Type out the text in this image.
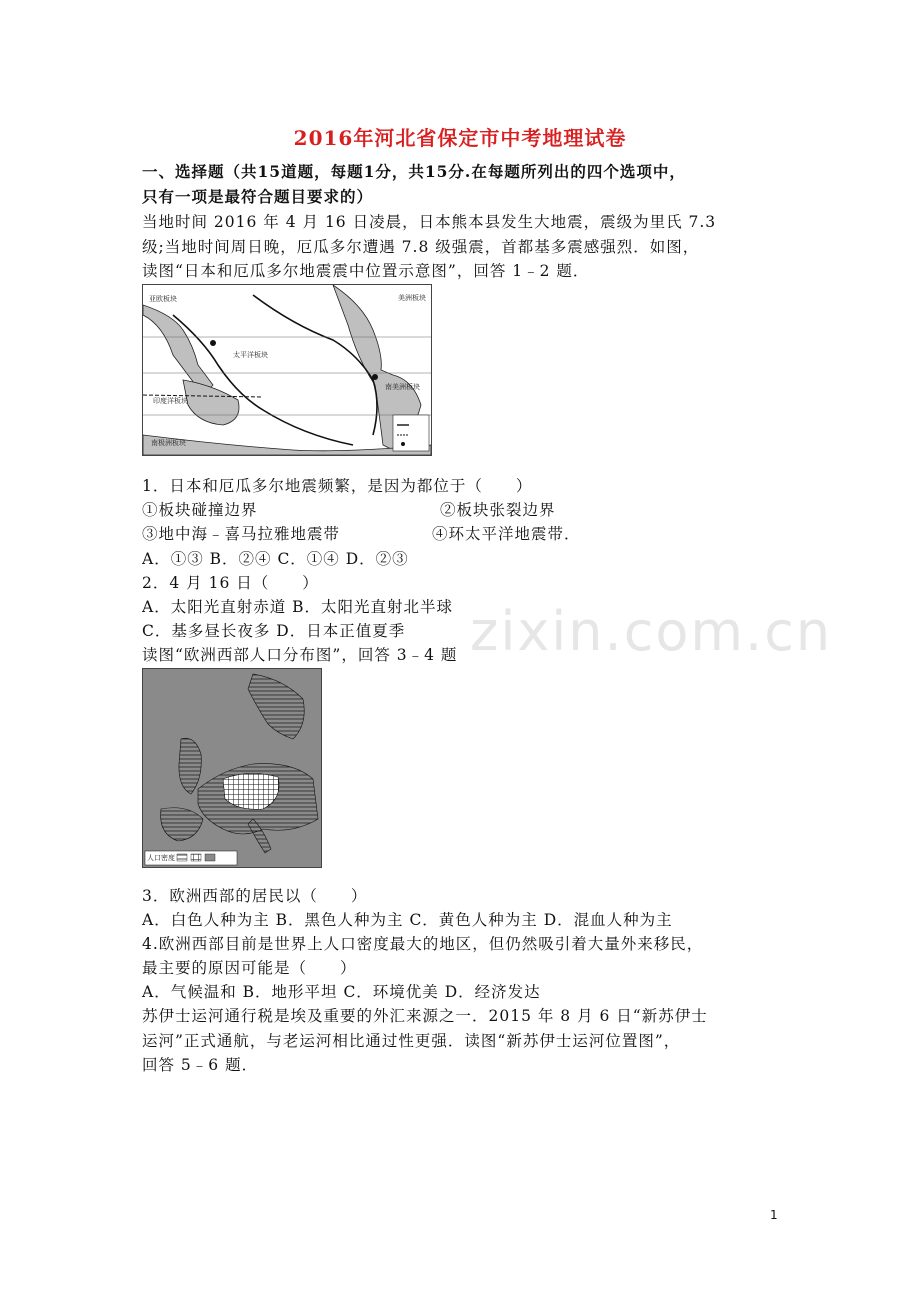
2016年河北省保定市中考地理试卷
一、选择题（共15道题，每题1分，共15分.在每题所列出的四个选项中，
只有一项是最符合题目要求的）
当地时间 2016 年 4 月 16 日凌晨，日本熊本县发生大地震，震级为里氏 7.3
级;当地时间周日晚，厄瓜多尔遭遇 7.8 级强震，首都基多震感强烈．如图，
读图“日本和厄瓜多尔地震震中位置示意图”，回答 1﹣2 题．
亚欧板块
太平洋板块
印度洋板块
南极洲板块
美洲板块
南美洲板块
1．日本和厄瓜多尔地震频繁，是因为都位于（　　）
①板块碰撞边界	②板块张裂边界
③地中海﹣喜马拉雅地震带	④环太平洋地震带．
A．①③ B．②④ C．①④ D．②③
2．4 月 16 日（　　）
A．太阳光直射赤道 B．太阳光直射北半球
C．基多昼长夜多 D．日本正值夏季	zixin.com.cn
读图“欧洲西部人口分布图”，回答 3﹣4 题
人口密度
3．欧洲西部的居民以（　　）
A．白色人种为主 B．黑色人种为主 C．黄色人种为主 D．混血人种为主
4.欧洲西部目前是世界上人口密度最大的地区，但仍然吸引着大量外来移民，
最主要的原因可能是（　　）
A．气候温和 B．地形平坦 C．环境优美 D．经济发达
苏伊士运河通行税是埃及重要的外汇来源之一．2015 年 8 月 6 日“新苏伊士
运河”正式通航，与老运河相比通过性更强．读图“新苏伊士运河位置图”，
回答 5﹣6 题．
1
